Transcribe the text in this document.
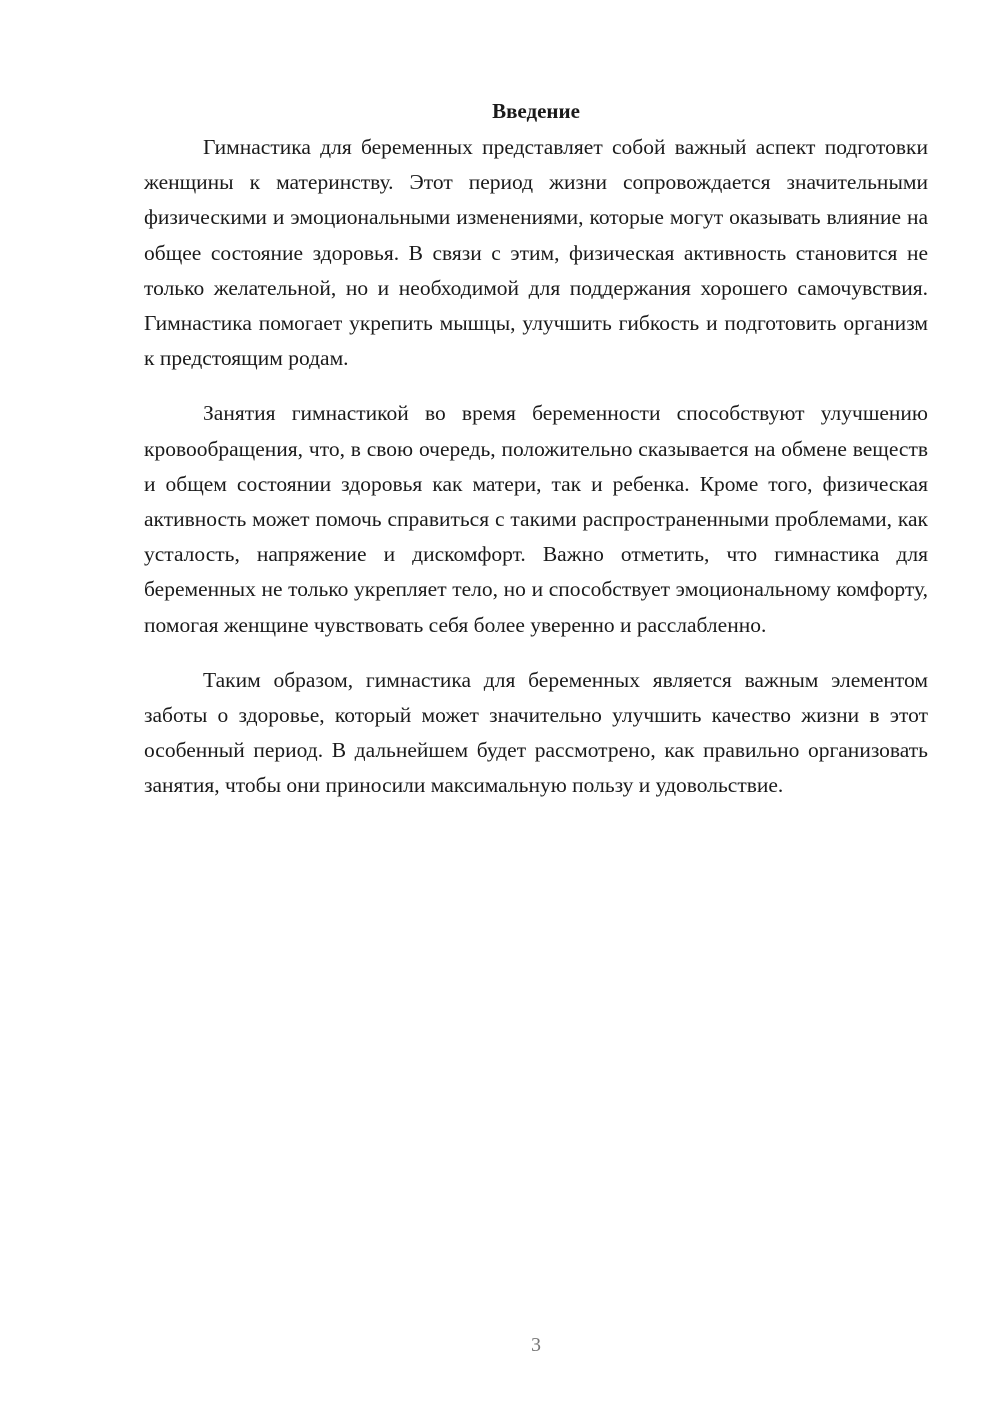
Введение

Гимнастика для беременных представляет собой важный аспект подготовки женщины к материнству. Этот период жизни сопровождается значительными физическими и эмоциональными изменениями, которые могут оказывать влияние на общее состояние здоровья. В связи с этим, физическая активность становится не только желательной, но и необходимой для поддержания хорошего самочувствия. Гимнастика помогает укрепить мышцы, улучшить гибкость и подготовить организм к предстоящим родам.

Занятия гимнастикой во время беременности способствуют улучшению кровообращения, что, в свою очередь, положительно сказывается на обмене веществ и общем состоянии здоровья как матери, так и ребенка. Кроме того, физическая активность может помочь справиться с такими распространенными проблемами, как усталость, напряжение и дискомфорт. Важно отметить, что гимнастика для беременных не только укрепляет тело, но и способствует эмоциональному комфорту, помогая женщине чувствовать себя более уверенно и расслабленно.

Таким образом, гимнастика для беременных является важным элементом заботы о здоровье, который может значительно улучшить качество жизни в этот особенный период. В дальнейшем будет рассмотрено, как правильно организовать занятия, чтобы они приносили максимальную пользу и удовольствие.

3
